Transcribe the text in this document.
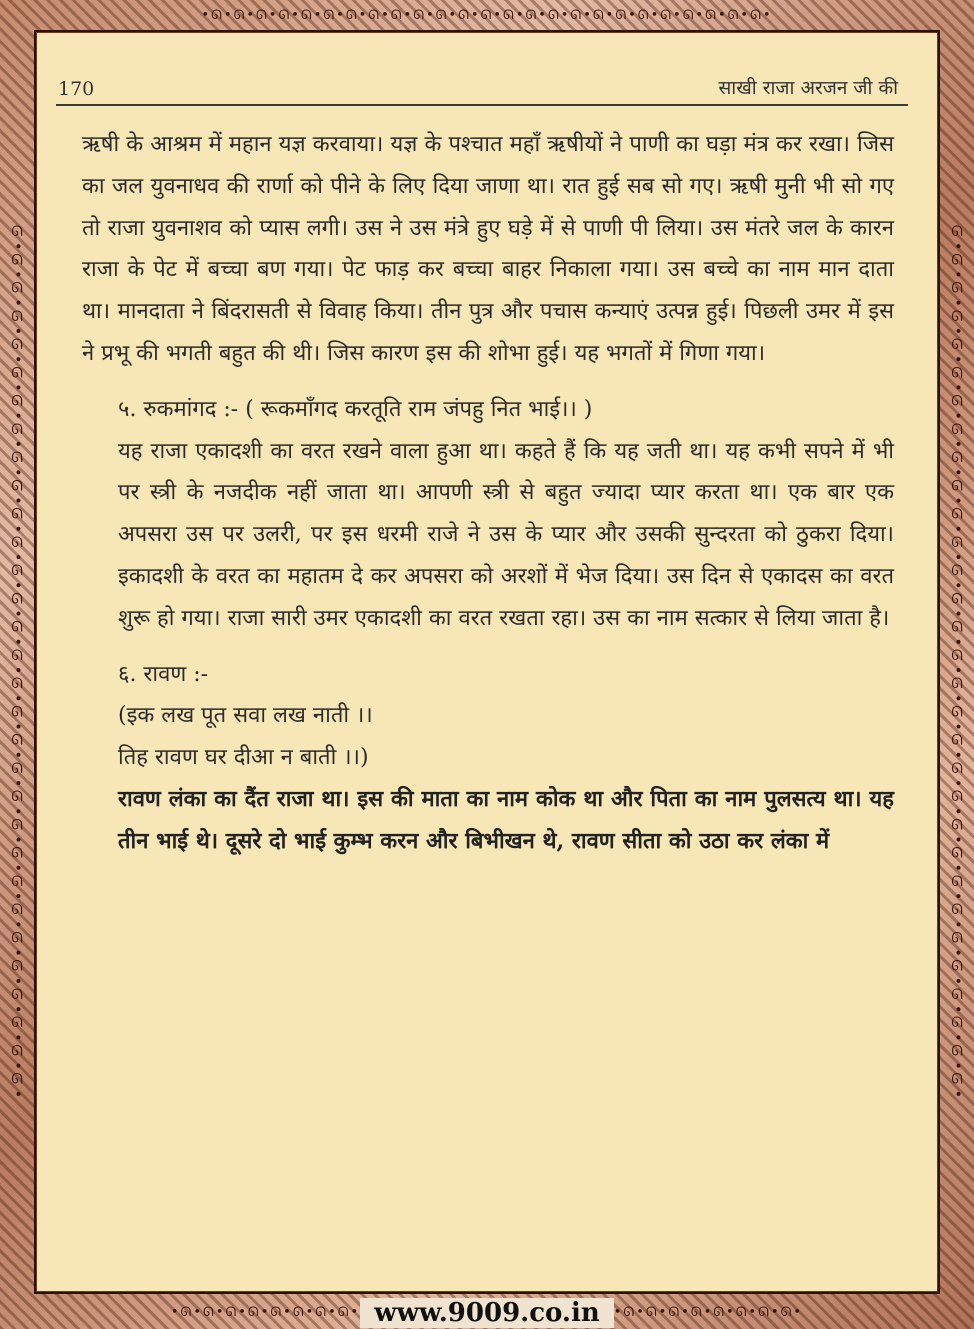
•ᘏ•ᘏ•ᘏ•ᘏ•ᘏ•ᘏ•ᘏ•ᘏ•ᘏ•ᘏ•ᘏ•ᘏ•ᘏ•ᘏ•ᘏ•ᘏ•ᘏ•ᘏ•ᘏ•ᘏ•ᘏ•ᘏ•ᘏ•ᘏ•ᘏ•
ᘏ•ᘏ•ᘏ•ᘏ•ᘏ•ᘏ•ᘏ•ᘏ•ᘏ•ᘏ•ᘏ•ᘏ•ᘏ•ᘏ•ᘏ•ᘏ•ᘏ•ᘏ•ᘏ•ᘏ•ᘏ•ᘏ•ᘏ•ᘏ•ᘏ•ᘏ•ᘏ•ᘏ•ᘏ•ᘏ•ᘏ•	ᘏ•ᘏ•ᘏ•ᘏ•ᘏ•ᘏ•ᘏ•ᘏ•ᘏ•ᘏ•ᘏ•ᘏ•ᘏ•ᘏ•ᘏ•ᘏ•ᘏ•ᘏ•ᘏ•ᘏ•ᘏ•ᘏ•ᘏ•ᘏ•ᘏ•ᘏ•ᘏ•ᘏ•ᘏ•ᘏ•ᘏ•
•ᘏ•ᘏ•ᘏ•ᘏ•ᘏ•ᘏ•ᘏ•ᘏ• www.9009.co.in	•ᘏ•ᘏ•ᘏ•ᘏ•ᘏ•ᘏ•ᘏ•ᘏ•
170	साखी राजा अरजन जी की

ऋषी के आश्रम में महान यज्ञ करवाया। यज्ञ के पश्चात महाँ ऋषीयों ने पाणी का घड़ा मंत्र कर रखा। जिस का जल युवनाधव की रार्णा को पीने के लिए दिया जाणा था। रात हुई सब सो गए। ऋषी मुनी भी सो गए तो राजा युवनाशव को प्यास लगी। उस ने उस मंत्रे हुए घड़े में से पाणी पी लिया। उस मंतरे जल के कारन राजा के पेट में बच्चा बण गया। पेट फाड़ कर बच्चा बाहर निकाला गया। उस बच्चे का नाम मान दाता था। मानदाता ने बिंदरासती से विवाह किया। तीन पुत्र और पचास कन्याएं उत्पन्न हुई। पिछली उमर में इस ने प्रभू की भगती बहुत की थी। जिस कारण इस की शोभा हुई। यह भगतों में गिणा गया।

५. रुकमांगद :- ( रूकमाँगद करतूति राम जंपहु नित भाई।। )

यह राजा एकादशी का वरत रखने वाला हुआ था। कहते हैं कि यह जती था। यह कभी सपने में भी पर स्त्री के नजदीक नहीं जाता था। आपणी स्त्री से बहुत ज्यादा प्यार करता था। एक बार एक अपसरा उस पर उलरी, पर इस धरमी राजे ने उस के प्यार और उसकी सुन्दरता को ठुकरा दिया। इकादशी के वरत का महातम दे कर अपसरा को अरशों में भेज दिया। उस दिन से एकादस का वरत शुरू हो गया। राजा सारी उमर एकादशी का वरत रखता रहा। उस का नाम सत्कार से लिया जाता है।

६. रावण :-

(इक लख पूत सवा लख नाती ।।

तिह रावण घर दीआ न बाती ।।)

रावण लंका का दैंत राजा था। इस की माता का नाम कोक था और पिता का नाम पुलसत्य था। यह तीन भाई थे। दूसरे दो भाई कुम्भ करन और बिभीखन थे, रावण सीता को उठा कर लंका में
